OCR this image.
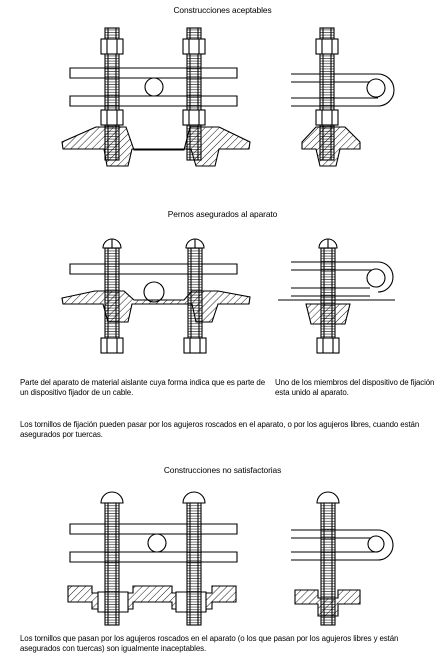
Construcciones aceptables
Pernos asegurados al aparato
Construcciones no satisfactorias
Parte del aparato de material aislante cuya forma indica que es parte de un dispositivo fijador de un cable.
Uno de los miembros del dispositivo de fijación esta unido al aparato.
Los tornillos de fijación pueden pasar por los agujeros roscados en el aparato, o por los agujeros libres, cuando están asegurados por tuercas.
Los tornillos que pasan por los agujeros roscados en el aparato (o los que pasan por los agujeros libres y están asegurados con tuercas) son igualmente inaceptables.
